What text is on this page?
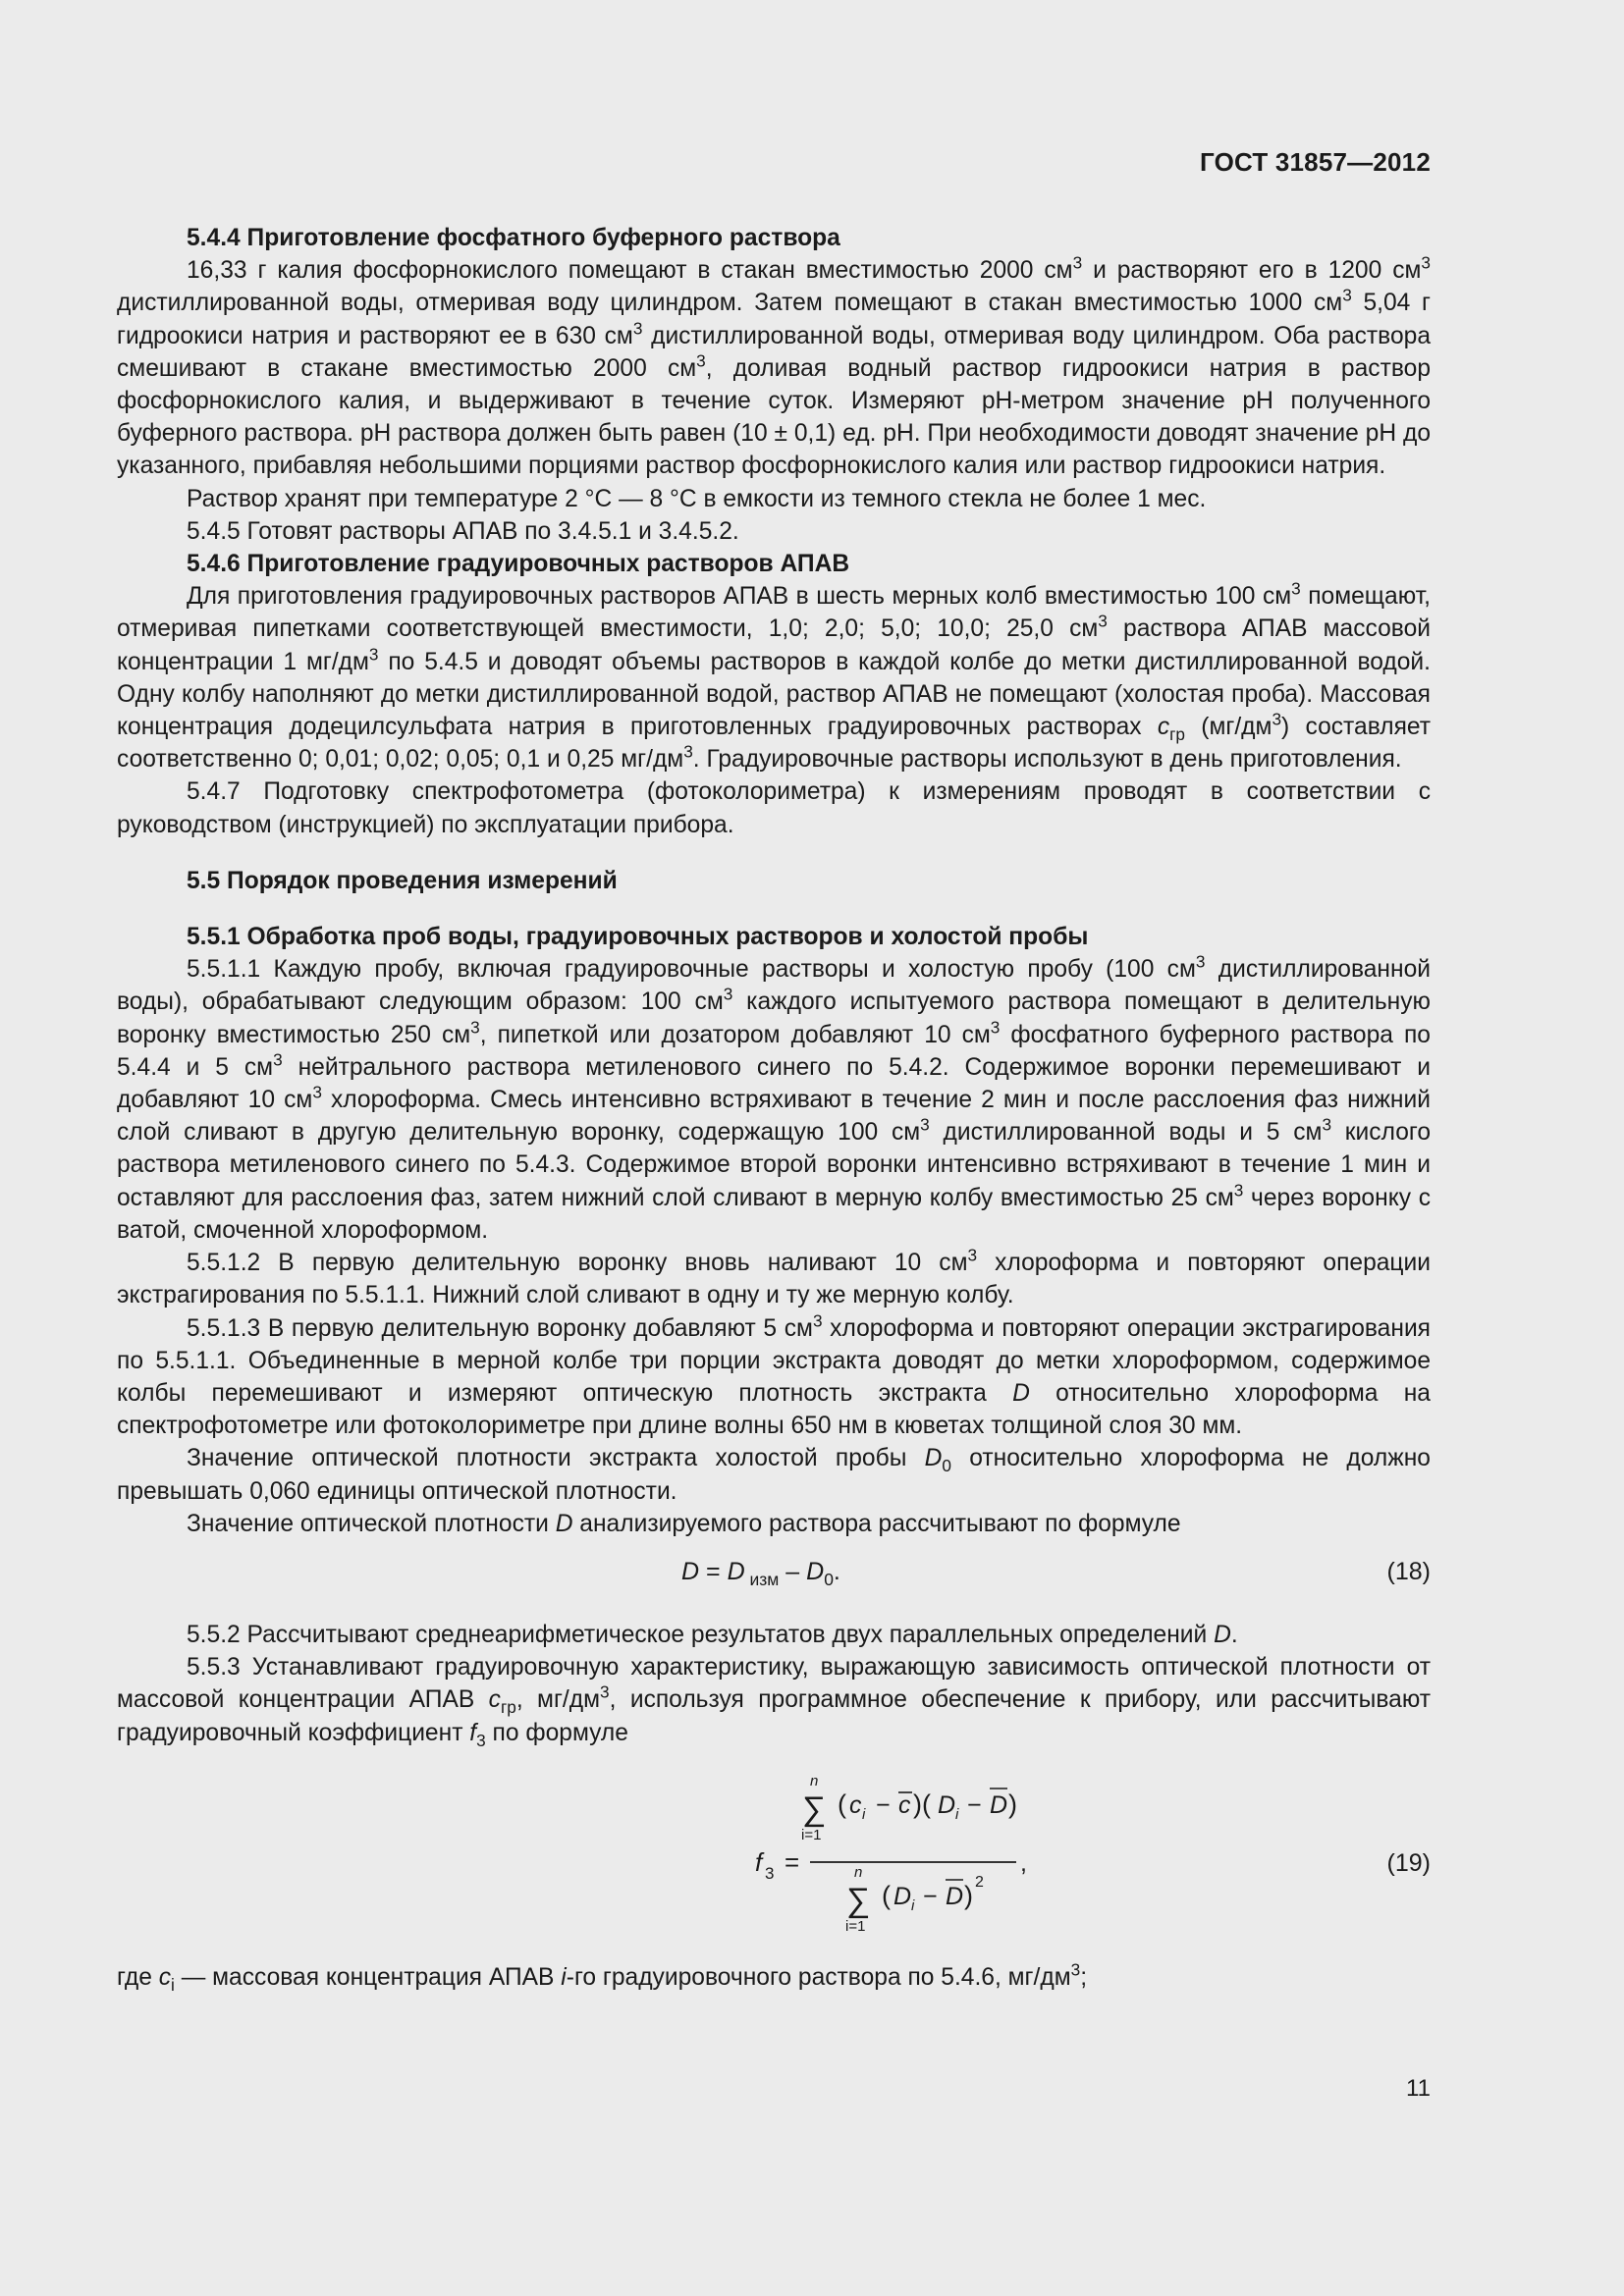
ГОСТ 31857—2012

5.4.4 Приготовление фосфатного буферного раствора

16,33 г калия фосфорнокислого помещают в стакан вместимостью 2000 $см^3$ и растворяют его в 1200 $см^3$ дистиллированной воды, отмеривая воду цилиндром. Затем помещают в стакан вместимостью 1000 $см^3$ 5,04 г гидроокиси натрия и растворяют ее в 630 $см^3$ дистиллированной воды, отмеривая воду цилиндром. Оба раствора смешивают в стакане вместимостью 2000 $см^3$, доливая водный раствор гидроокиси натрия в раствор фосфорнокислого калия, и выдерживают в течение суток. Измеряют pH-метром значение pH полученного буферного раствора. pH раствора должен быть равен (10 ± 0,1) ед. pH. При необходимости доводят значение pH до указанного, прибавляя небольшими порциями раствор фосфорнокислого калия или раствор гидроокиси натрия.

Раствор хранят при температуре 2 °C — 8 °C в емкости из темного стекла не более 1 мес.

5.4.5 Готовят растворы АПАВ по 3.4.5.1 и 3.4.5.2.

5.4.6 Приготовление градуировочных растворов АПАВ

Для приготовления градуировочных растворов АПАВ в шесть мерных колб вместимостью 100 $см^3$ помещают, отмеривая пипетками соответствующей вместимости, 1,0; 2,0; 5,0; 10,0; 25,0 $см^3$ раствора АПАВ массовой концентрации 1 $мг/дм^3$ по 5.4.5 и доводят объемы растворов в каждой колбе до метки дистиллированной водой. Одну колбу наполняют до метки дистиллированной водой, раствор АПАВ не помещают (холостая проба). Массовая концентрация додецилсульфата натрия в приготовленных градуировочных растворах $c_{гр}$ $(мг/дм^3)$ составляет соответственно 0; 0,01; 0,02; 0,05; 0,1 и 0,25 $мг/дм^3$. Градуировочные растворы используют в день приготовления.

5.4.7 Подготовку спектрофотометра (фотоколориметра) к измерениям проводят в соответствии с руководством (инструкцией) по эксплуатации прибора.

5.5 Порядок проведения измерений

5.5.1 Обработка проб воды, градуировочных растворов и холостой пробы

5.5.1.1 Каждую пробу, включая градуировочные растворы и холостую пробу (100 $см^3$ дистиллированной воды), обрабатывают следующим образом: 100 $см^3$ каждого испытуемого раствора помещают в делительную воронку вместимостью 250 $см^3$, пипеткой или дозатором добавляют 10 $см^3$ фосфатного буферного раствора по 5.4.4 и 5 $см^3$ нейтрального раствора метиленового синего по 5.4.2. Содержимое воронки перемешивают и добавляют 10 $см^3$ хлороформа. Смесь интенсивно встряхивают в течение 2 мин и после расслоения фаз нижний слой сливают в другую делительную воронку, содержащую 100 $см^3$ дистиллированной воды и 5 $см^3$ кислого раствора метиленового синего по 5.4.3. Содержимое второй воронки интенсивно встряхивают в течение 1 мин и оставляют для расслоения фаз, затем нижний слой сливают в мерную колбу вместимостью 25 $см^3$ через воронку с ватой, смоченной хлороформом.

5.5.1.2 В первую делительную воронку вновь наливают 10 $см^3$ хлороформа и повторяют операции экстрагирования по 5.5.1.1. Нижний слой сливают в одну и ту же мерную колбу.

5.5.1.3 В первую делительную воронку добавляют 5 $см^3$ хлороформа и повторяют операции экстрагирования по 5.5.1.1. Объединенные в мерной колбе три порции экстракта доводят до метки хлороформом, содержимое колбы перемешивают и измеряют оптическую плотность экстракта D относительно хлороформа на спектрофотометре или фотоколориметре при длине волны 650 нм в кюветах толщиной слоя 30 мм.

Значение оптической плотности экстракта холостой пробы $D_0$ относительно хлороформа не должно превышать 0,060 единицы оптической плотности.

Значение оптической плотности D анализируемого раствора рассчитывают по формуле

D = D $_{изм} - D_0$.	(18)

5.5.2 Рассчитывают среднеарифметическое результатов двух параллельных определений D.

5.5.3 Устанавливают градуировочную характеристику, выражающую зависимость оптической плотности от массовой концентрации АПАВ $c_{гр}$, $мг/дм^3$, используя программное обеспечение к прибору, или рассчитывают градуировочный коэффициент $f_3$ по формуле

f 3 =
n
∑
i=1
( c i − c )( D i − D )
,
n
∑
i=1
( D i − D ) 2
(19)

где $c_i$ — массовая концентрация АПАВ i-го градуировочного раствора по 5.4.6, $мг/дм^3$;

11
